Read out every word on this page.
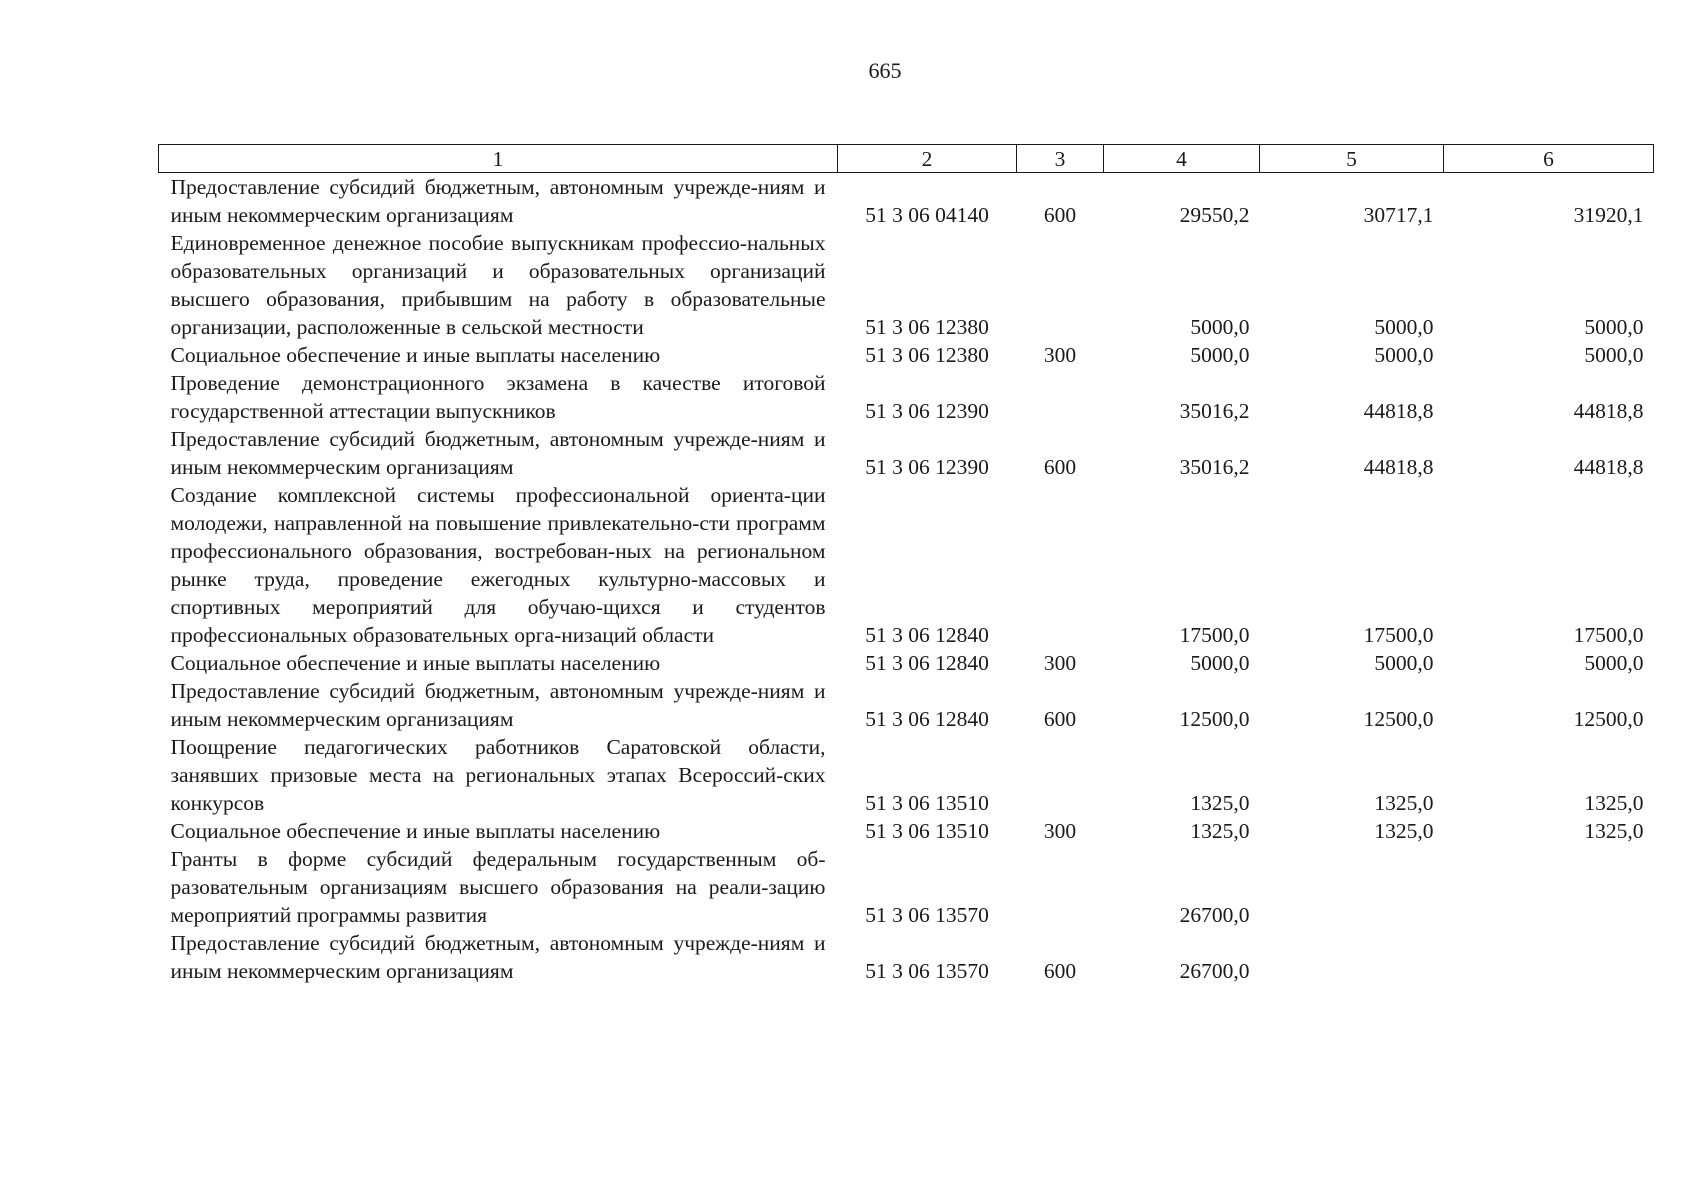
665
1	2	3	4	5	6
Предоставление субсидий бюджетным, автономным учрежде-ниям и иным некоммерческим организациям	51 3 06 04140	600	29550,2	30717,1	31920,1
Единовременное денежное пособие выпускникам профессио-нальных образовательных организаций и образовательных организаций высшего образования, прибывшим на работу в образовательные организации, расположенные в сельской местности	51 3 06 12380		5000,0	5000,0	5000,0
Социальное обеспечение и иные выплаты населению	51 3 06 12380	300	5000,0	5000,0	5000,0
Проведение демонстрационного экзамена в качестве итоговой государственной аттестации выпускников	51 3 06 12390		35016,2	44818,8	44818,8
Предоставление субсидий бюджетным, автономным учрежде-ниям и иным некоммерческим организациям	51 3 06 12390	600	35016,2	44818,8	44818,8
Создание комплексной системы профессиональной ориента-ции молодежи, направленной на повышение привлекательно-сти программ профессионального образования, востребован-ных на региональном рынке труда, проведение ежегодных культурно-массовых и спортивных мероприятий для обучаю-щихся и студентов профессиональных образовательных орга-низаций области	51 3 06 12840		17500,0	17500,0	17500,0
Социальное обеспечение и иные выплаты населению	51 3 06 12840	300	5000,0	5000,0	5000,0
Предоставление субсидий бюджетным, автономным учрежде-ниям и иным некоммерческим организациям	51 3 06 12840	600	12500,0	12500,0	12500,0
Поощрение педагогических работников Саратовской области, занявших призовые места на региональных этапах Всероссий-ских конкурсов	51 3 06 13510		1325,0	1325,0	1325,0
Социальное обеспечение и иные выплаты населению	51 3 06 13510	300	1325,0	1325,0	1325,0
Гранты в форме субсидий федеральным государственным об-разовательным организациям высшего образования на реали-зацию мероприятий программы развития	51 3 06 13570		26700,0		
Предоставление субсидий бюджетным, автономным учрежде-ниям и иным некоммерческим организациям	51 3 06 13570	600	26700,0		
